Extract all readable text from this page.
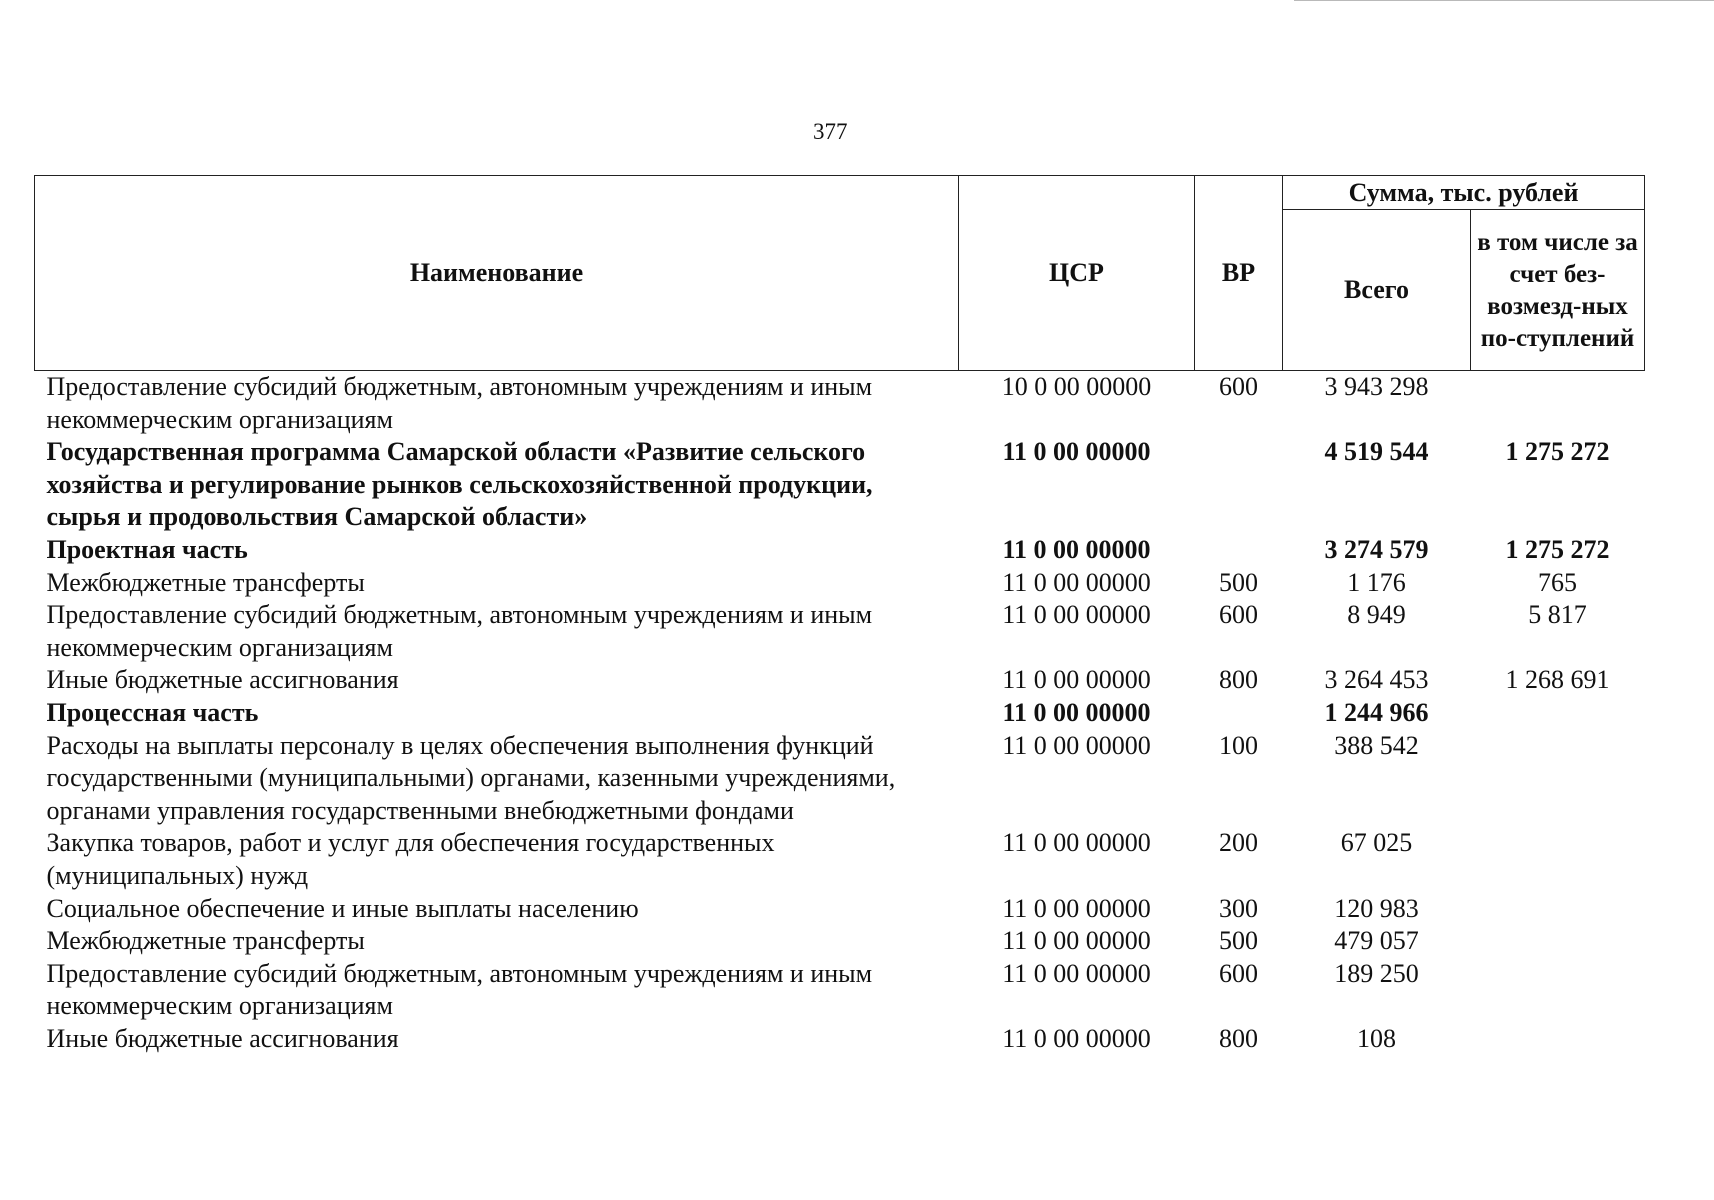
377
Наименование	ЦСР	ВР	Сумма, тыс. рублей	
			Всего	в том числе за счет без-возмезд-ных по-ступлений
Предоставление субсидий бюджетным, автономным учреждениям и иным некоммерческим организациям	10 0 00 00000	600	3 943 298	
Государственная программа Самарской области «Развитие сельского хозяйства и регулирование рынков сельскохозяйственной продукции, сырья и продовольствия Самарской области»	11 0 00 00000		4 519 544	1 275 272
Проектная часть	11 0 00 00000		3 274 579	1 275 272
Межбюджетные трансферты	11 0 00 00000	500	1 176	765
Предоставление субсидий бюджетным, автономным учреждениям и иным некоммерческим организациям	11 0 00 00000	600	8 949	5 817
Иные бюджетные ассигнования	11 0 00 00000	800	3 264 453	1 268 691
Процессная часть	11 0 00 00000		1 244 966	
Расходы на выплаты персоналу в целях обеспечения выполнения функций государственными (муниципальными) органами, казенными учреждениями, органами управления государственными внебюджетными фондами	11 0 00 00000	100	388 542	
Закупка товаров, работ и услуг для обеспечения государственных (муниципальных) нужд	11 0 00 00000	200	67 025	
Социальное обеспечение и иные выплаты населению	11 0 00 00000	300	120 983	
Межбюджетные трансферты	11 0 00 00000	500	479 057	
Предоставление субсидий бюджетным, автономным учреждениям и иным некоммерческим организациям	11 0 00 00000	600	189 250	
Иные бюджетные ассигнования	11 0 00 00000	800	108	
